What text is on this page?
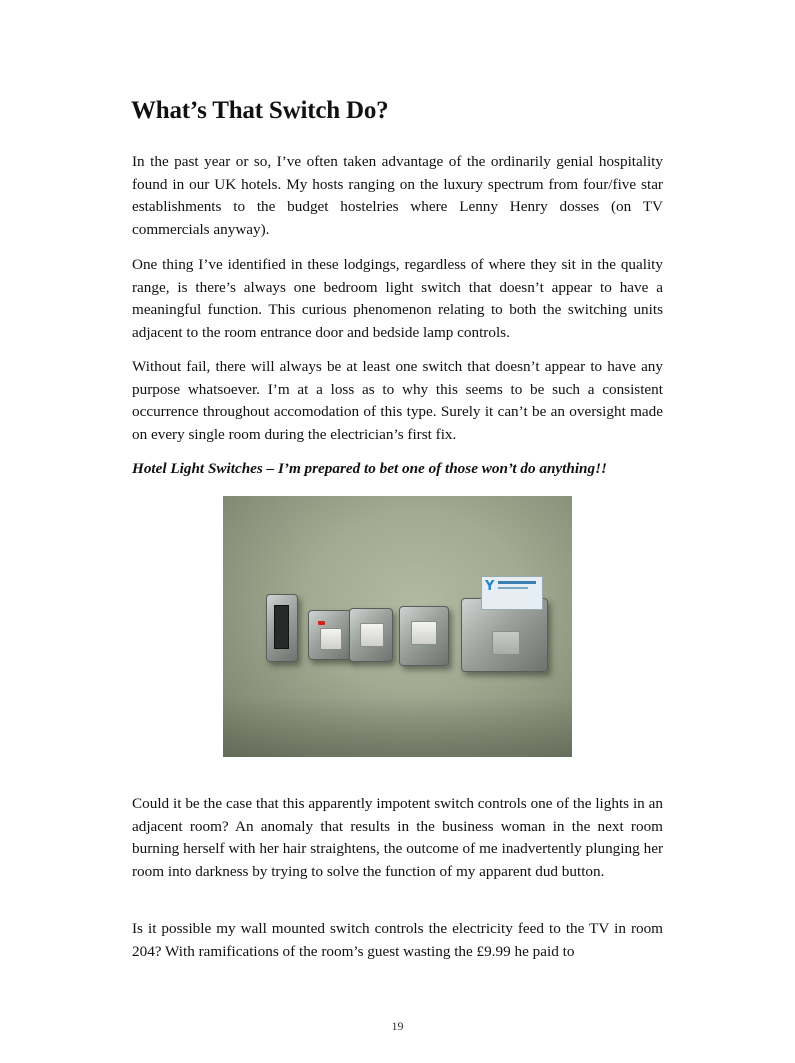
What’s That Switch Do?

In the past year or so, I’ve often taken advantage of the ordinarily genial hospitality found in our UK hotels. My hosts ranging on the luxury spectrum from four/five star establishments to the budget hostelries where Lenny Henry dosses (on TV commercials anyway).

One thing I’ve identified in these lodgings, regardless of where they sit in the quality range, is there’s always one bedroom light switch that doesn’t appear to have a meaningful function. This curious phenomenon relating to both the switching units adjacent to the room entrance door and bedside lamp controls.

Without fail, there will always be at least one switch that doesn’t appear to have any purpose whatsoever. I’m at a loss as to why this seems to be such a consistent occurrence throughout accomodation of this type. Surely it can’t be an oversight made on every single room during the electrician’s first fix.

Hotel Light Switches – I’m prepared to bet one of those won’t do anything!!

Y

Could it be the case that this apparently impotent switch controls one of the lights in an adjacent room? An anomaly that results in the business woman in the next room burning herself with her hair straightens, the outcome of me inadvertently plunging her room into darkness by trying to solve the function of my apparent dud button.

Is it possible my wall mounted switch controls the electricity feed to the TV in room 204? With ramifications of the room’s guest wasting the £9.99 he paid to

19
